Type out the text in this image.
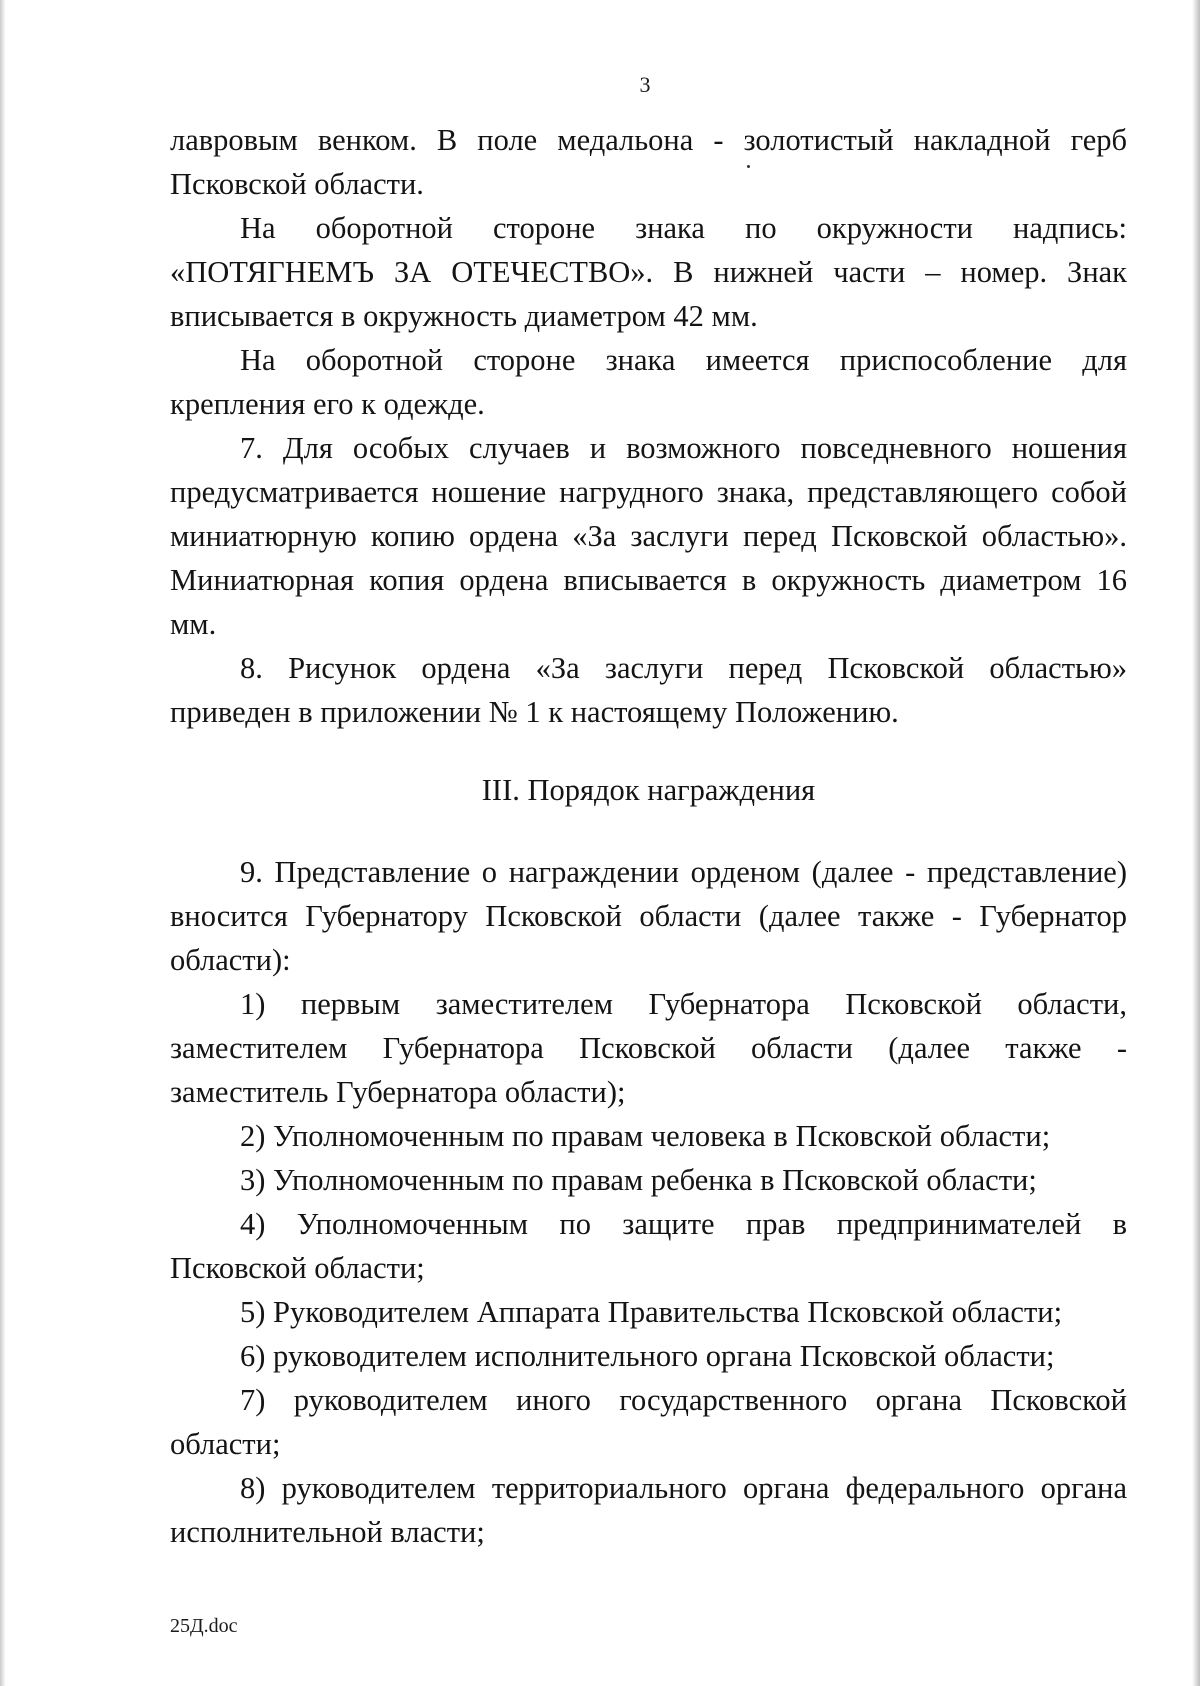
3

лавровым венком. В поле медальона - золотистый накладной герб Псковской области.

На оборотной стороне знака по окружности надпись: «ПОТЯГНЕМЪ ЗА ОТЕЧЕСТВО». В нижней части – номер. Знак вписывается в окружность диаметром 42 мм.

На оборотной стороне знака имеется приспособление для крепления его к одежде.

7. Для особых случаев и возможного повседневного ношения предусматривается ношение нагрудного знака, представляющего собой миниатюрную копию ордена «За заслуги перед Псковской областью». Миниатюрная копия ордена вписывается в окружность диаметром 16 мм.

8. Рисунок ордена «За заслуги перед Псковской областью» приведен в приложении № 1 к настоящему Положению.

III. Порядок награждения

9. Представление о награждении орденом (далее - представление) вносится Губернатору Псковской области (далее также - Губернатор области):

1) первым заместителем Губернатора Псковской области, заместителем Губернатора Псковской области (далее также - заместитель Губернатора области);

2) Уполномоченным по правам человека в Псковской области;

3) Уполномоченным по правам ребенка в Псковской области;

4) Уполномоченным по защите прав предпринимателей в Псковской области;

5) Руководителем Аппарата Правительства Псковской области;

6) руководителем исполнительного органа Псковской области;

7) руководителем иного государственного органа Псковской области;

8) руководителем территориального органа федерального органа исполнительной власти;

25Д.doc
